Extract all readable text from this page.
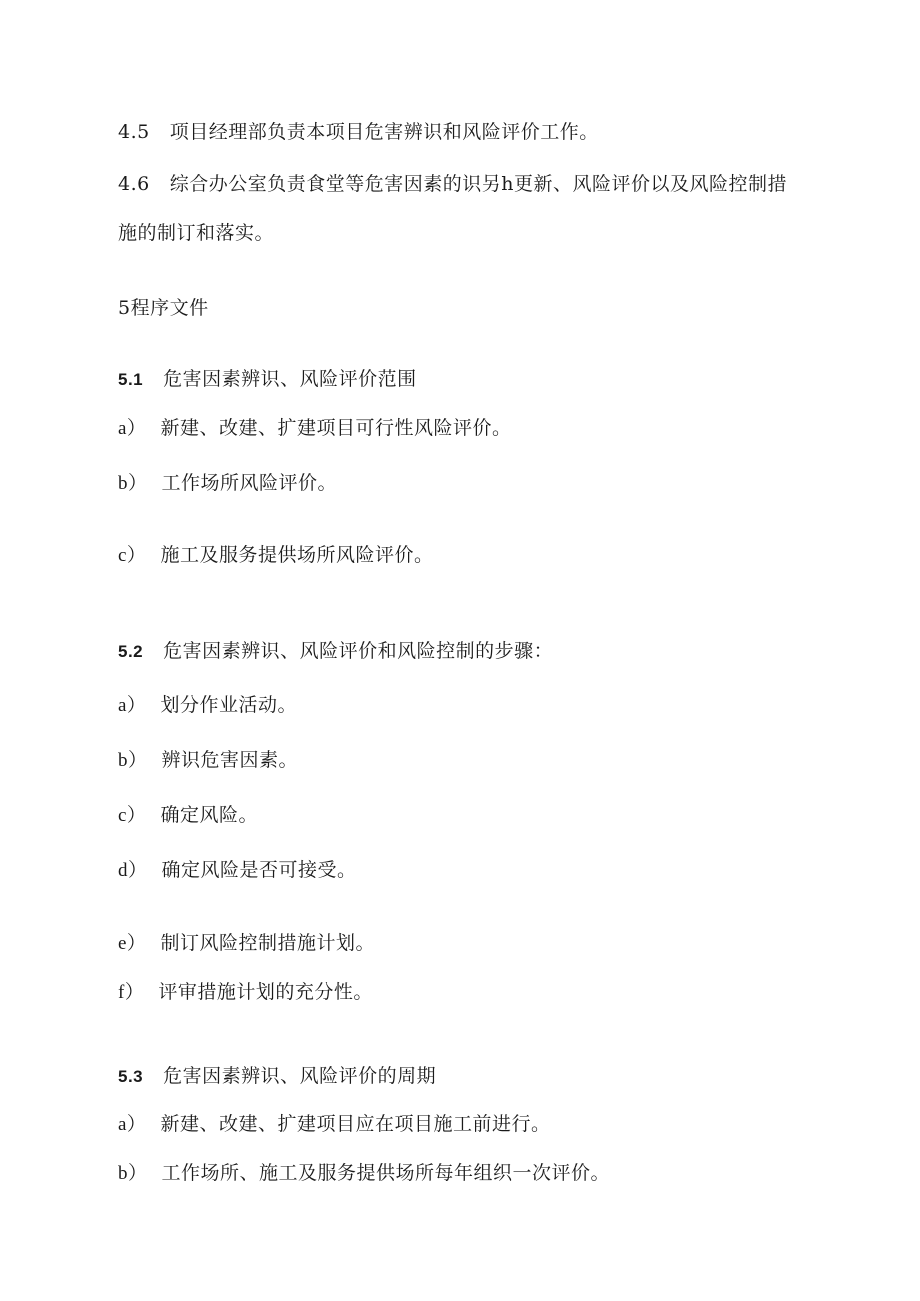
4.5 项目经理部负责本项目危害辨识和风险评价工作。
4.6 综合办公室负责食堂等危害因素的识另h更新、风险评价以及风险控制措
施的制订和落实。
5程序文件
5.1 危害因素辨识、风险评价范围
a） 新建、改建、扩建项目可行性风险评价。
b） 工作场所风险评价。
c） 施工及服务提供场所风险评价。
5.2 危害因素辨识、风险评价和风险控制的步骤：
a） 划分作业活动。
b） 辨识危害因素。
c） 确定风险。
d） 确定风险是否可接受。
e） 制订风险控制措施计划。
f） 评审措施计划的充分性。
5.3 危害因素辨识、风险评价的周期
a） 新建、改建、扩建项目应在项目施工前进行。
b） 工作场所、施工及服务提供场所每年组织一次评价。
